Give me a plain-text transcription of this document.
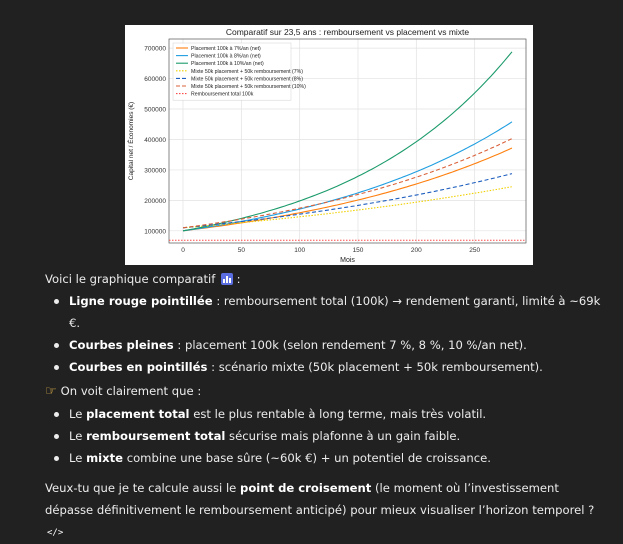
Comparatif sur 23,5 ans : remboursement vs placement vs mixte
100000
200000
300000
400000
500000
600000
700000
0	50	100	150	200	250
Mois
Capital net / Économies (€)
Placement 100k à 7%/an (net)
Placement 100k à 8%/an (net)
Placement 100k à 10%/an (net)
Mixte 50k placement + 50k remboursement (7%)
Mixte 50k placement + 50k remboursement (8%)
Mixte 50k placement + 50k remboursement (10%)
Remboursement total 100k

Voici le graphique comparatif
:

Ligne rouge pointillée : remboursement total (100k) → rendement garanti, limité à ~69k €.
Courbes pleines : placement 100k (selon rendement 7 %, 8 %, 10 %/an net).
Courbes en pointillés : scénario mixte (50k placement + 50k remboursement).

☞ On voit clairement que :

Le placement total est le plus rentable à long terme, mais très volatil.
Le remboursement total sécurise mais plafonne à un gain faible.
Le mixte combine une base sûre (~60k €) + un potentiel de croissance.

Veux-tu que je te calcule aussi le point de croisement (le moment où l’investissement dépasse définitivement le remboursement anticipé) pour mieux visualiser l’horizon temporel ? </>
